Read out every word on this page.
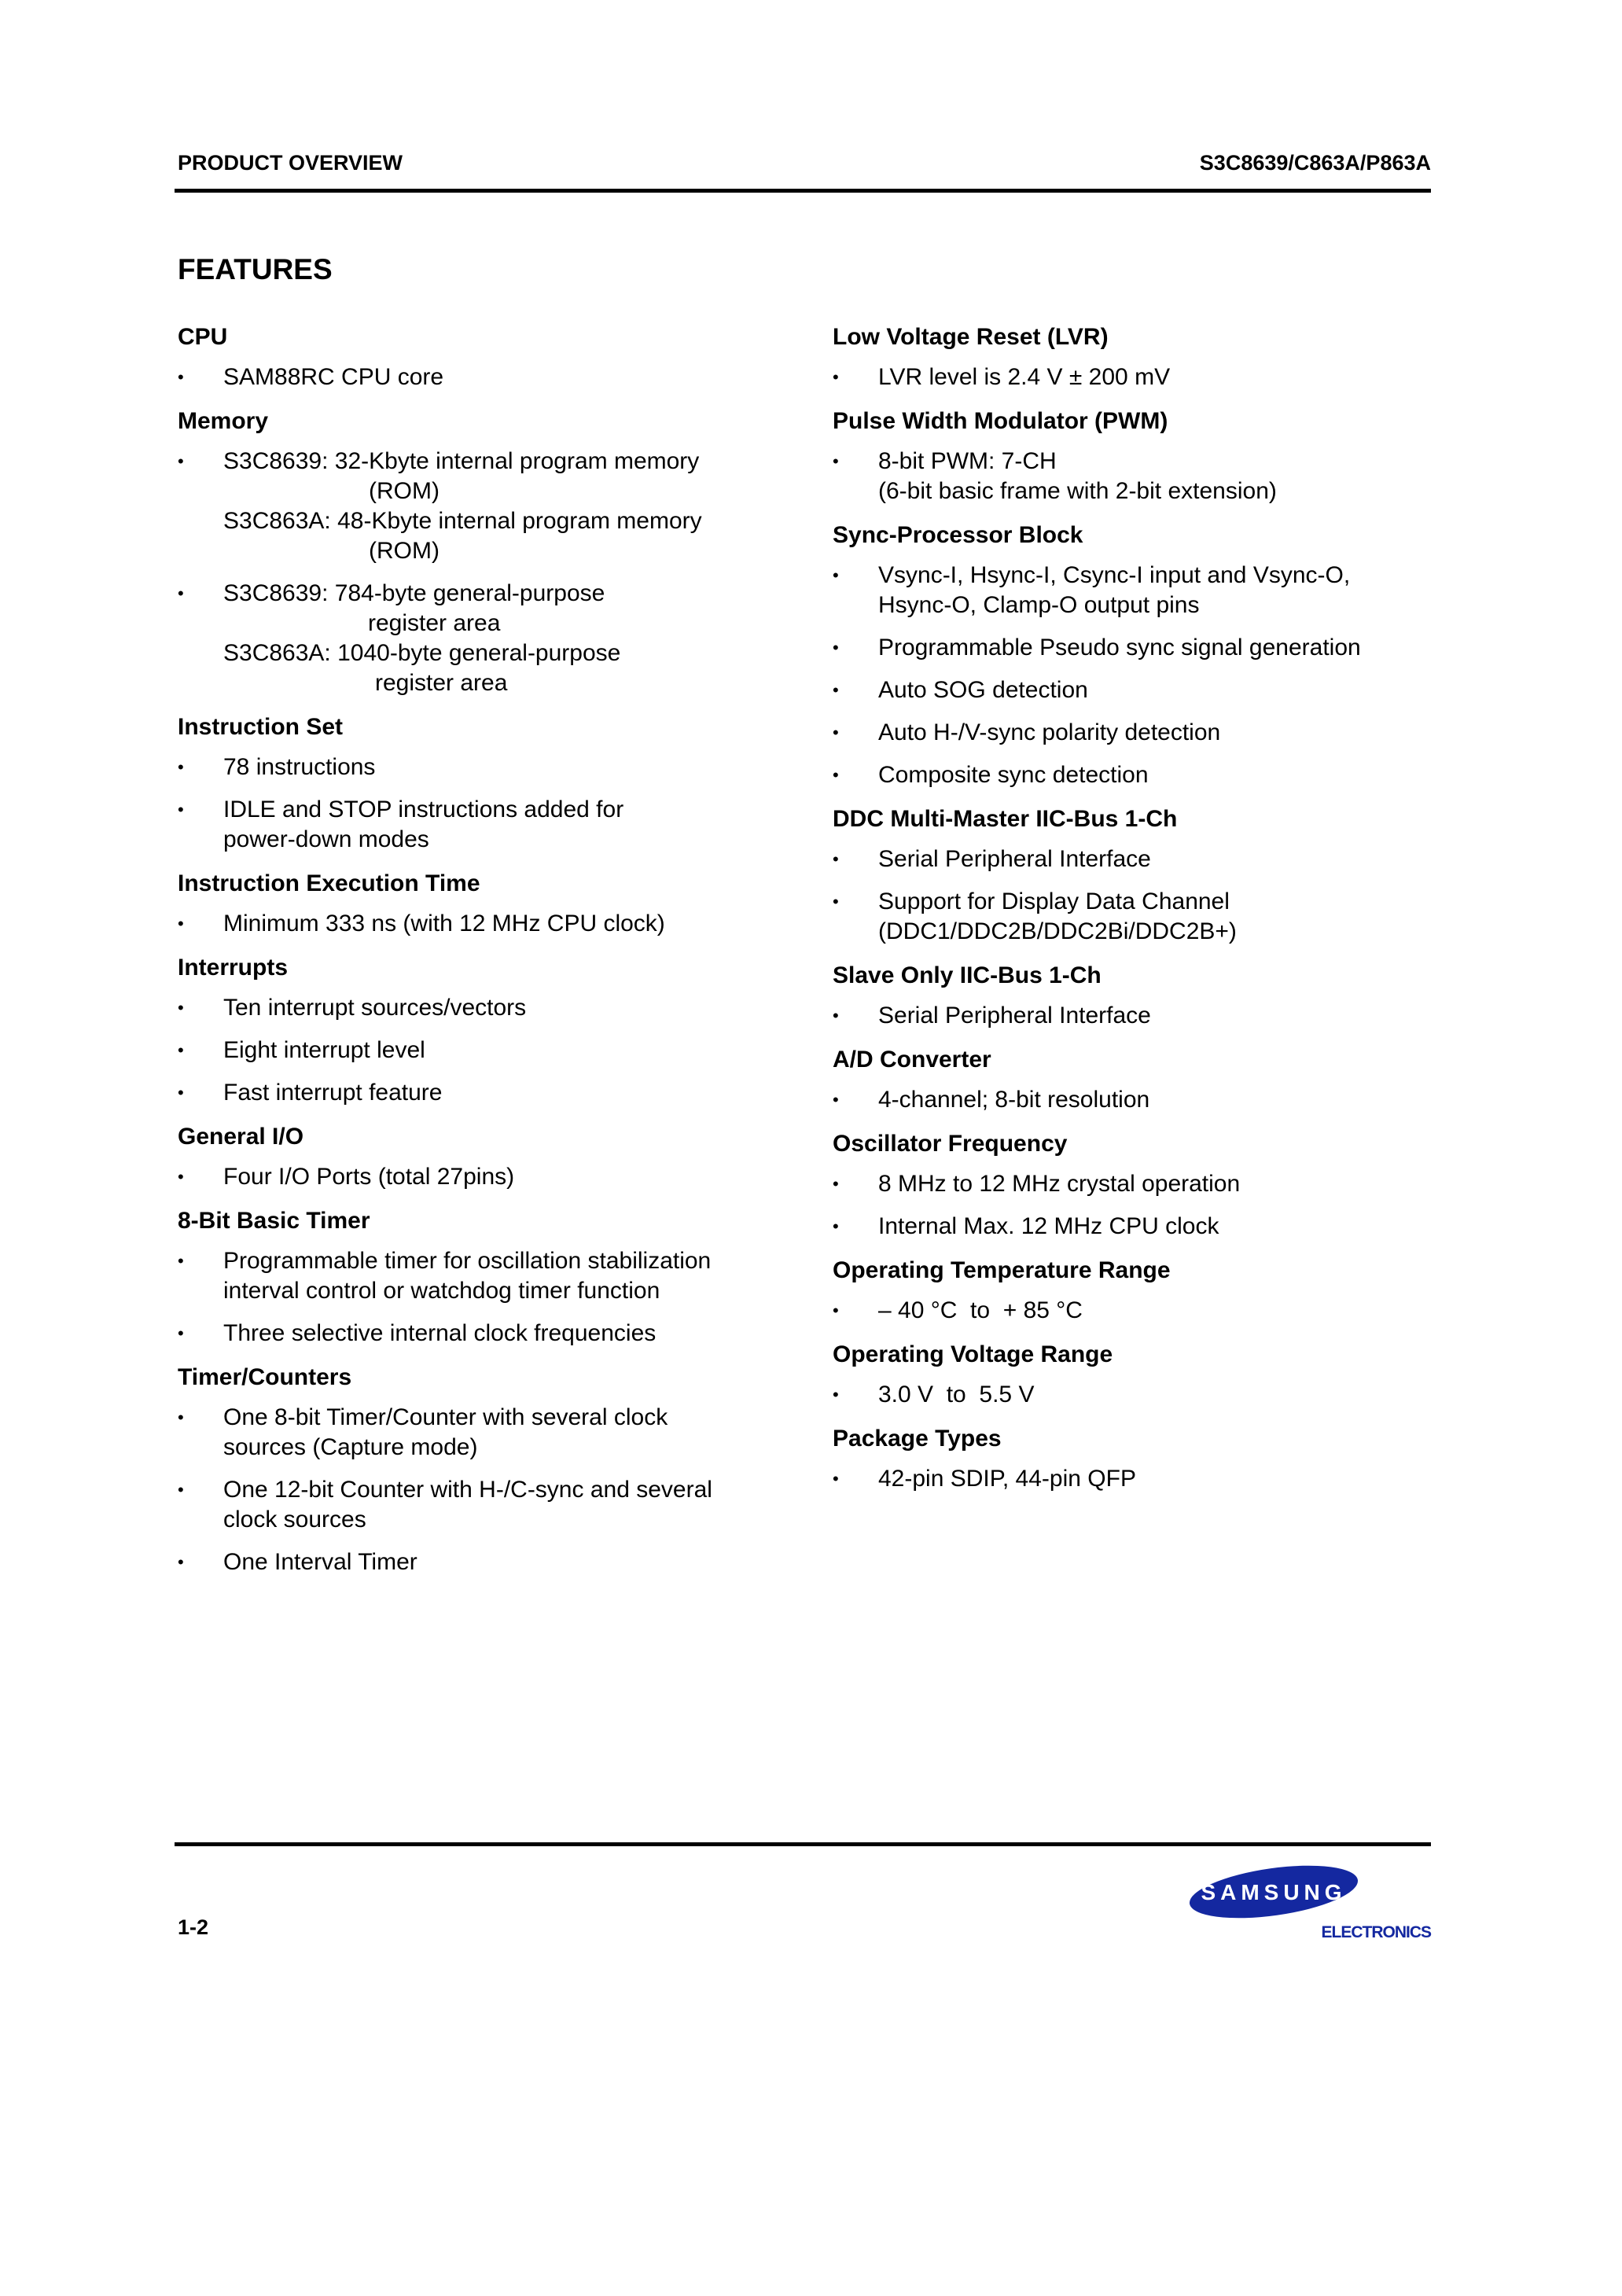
PRODUCT OVERVIEW	S3C8639/C863A/P863A
FEATURES
CPU
•	SAM88RC CPU core
Memory
•	S3C8639: 32-Kbyte internal program memory
(ROM)
S3C863A: 48-Kbyte internal program memory
(ROM)
•	S3C8639: 784-byte general-purpose
register area
S3C863A: 1040-byte general-purpose
register area
Instruction Set
•	78 instructions
•	IDLE and STOP instructions added for
power-down modes
Instruction Execution Time
•	Minimum 333 ns (with 12 MHz CPU clock)
Interrupts
•	Ten interrupt sources/vectors
•	Eight interrupt level
•	Fast interrupt feature
General I/O
•	Four I/O Ports (total 27pins)
8-Bit Basic Timer
•	Programmable timer for oscillation stabilization
interval control or watchdog timer function
•	Three selective internal clock frequencies
Timer/Counters
•	One 8-bit Timer/Counter with several clock
sources (Capture mode)
•	One 12-bit Counter with H-/C-sync and several
clock sources
•	One Interval Timer
Low Voltage Reset (LVR)
•	LVR level is 2.4 V ± 200 mV
Pulse Width Modulator (PWM)
•	8-bit PWM: 7-CH
(6-bit basic frame with 2-bit extension)
Sync-Processor Block
•	Vsync-I, Hsync-I, Csync-I input and Vsync-O,
Hsync-O, Clamp-O output pins
•	Programmable Pseudo sync signal generation
•	Auto SOG detection
•	Auto H-/V-sync polarity detection
•	Composite sync detection
DDC Multi-Master IIC-Bus 1-Ch
•	Serial Peripheral Interface
•	Support for Display Data Channel
(DDC1/DDC2B/DDC2Bi/DDC2B+)
Slave Only IIC-Bus 1-Ch
•	Serial Peripheral Interface
A/D Converter
•	4-channel; 8-bit resolution
Oscillator Frequency
•	8 MHz to 12 MHz crystal operation
•	Internal Max. 12 MHz CPU clock
Operating Temperature Range
•	– 40 °C  to  + 85 °C
Operating Voltage Range
•	3.0 V  to  5.5 V
Package Types
•	42-pin SDIP, 44-pin QFP
1-2
SAMSUNG
ELECTRONICS
